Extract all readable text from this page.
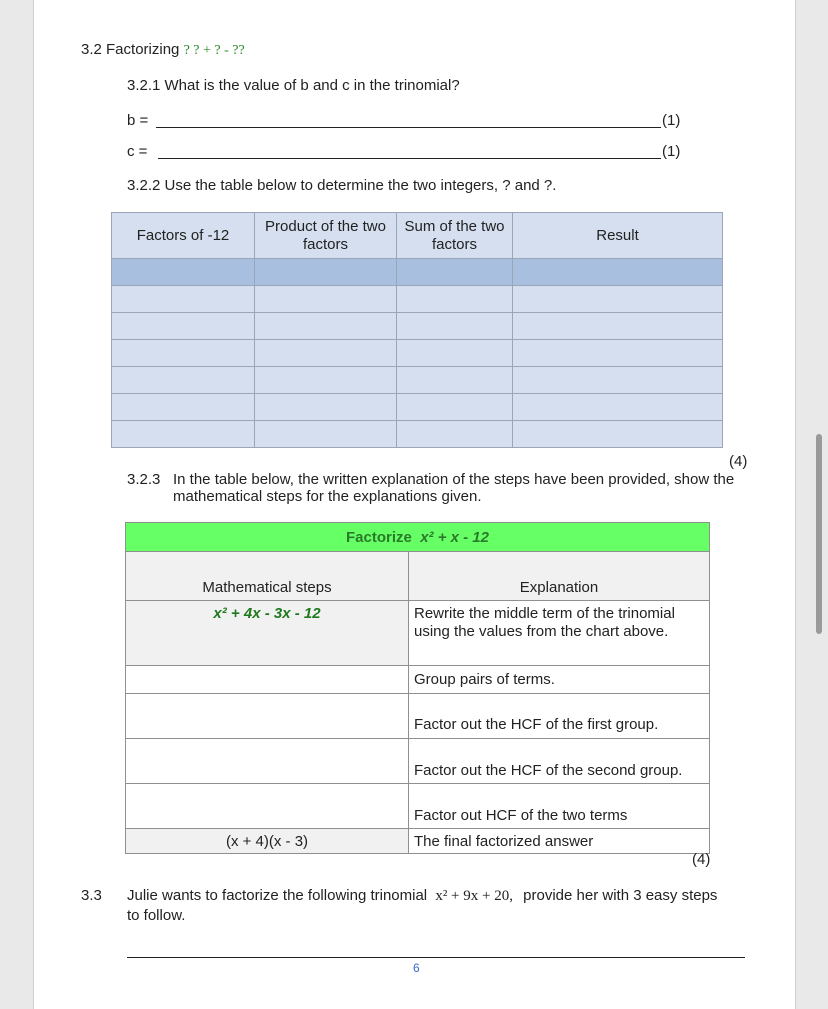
3.2 Factorizing ? ? + ? - ??
3.2.1 What is the value of b and c in the trinomial?
b =	(1)
c =	(1)
3.2.2 Use the table below to determine the two integers, ? and ?.
Factors of -12	Product of the two factors	Sum of the two factors	Result

(4)
3.2.3 In the table below, the written explanation of the steps have been provided, show the
mathematical steps for the explanations given.
Factorize x² + x - 12	
Mathematical steps	Explanation
x² + 4x - 3x - 12	Rewrite the middle term of the trinomial using the values from the chart above.
	Group pairs of terms.
	Factor out the HCF of the first group.
	Factor out the HCF of the second group.
	Factor out HCF of the two terms
(x + 4)(x - 3)	The final factorized answer
(4)
3.3 Julie wants to factorize the following trinomial x² + 9x + 20, provide her with 3 easy steps
to follow.
6
